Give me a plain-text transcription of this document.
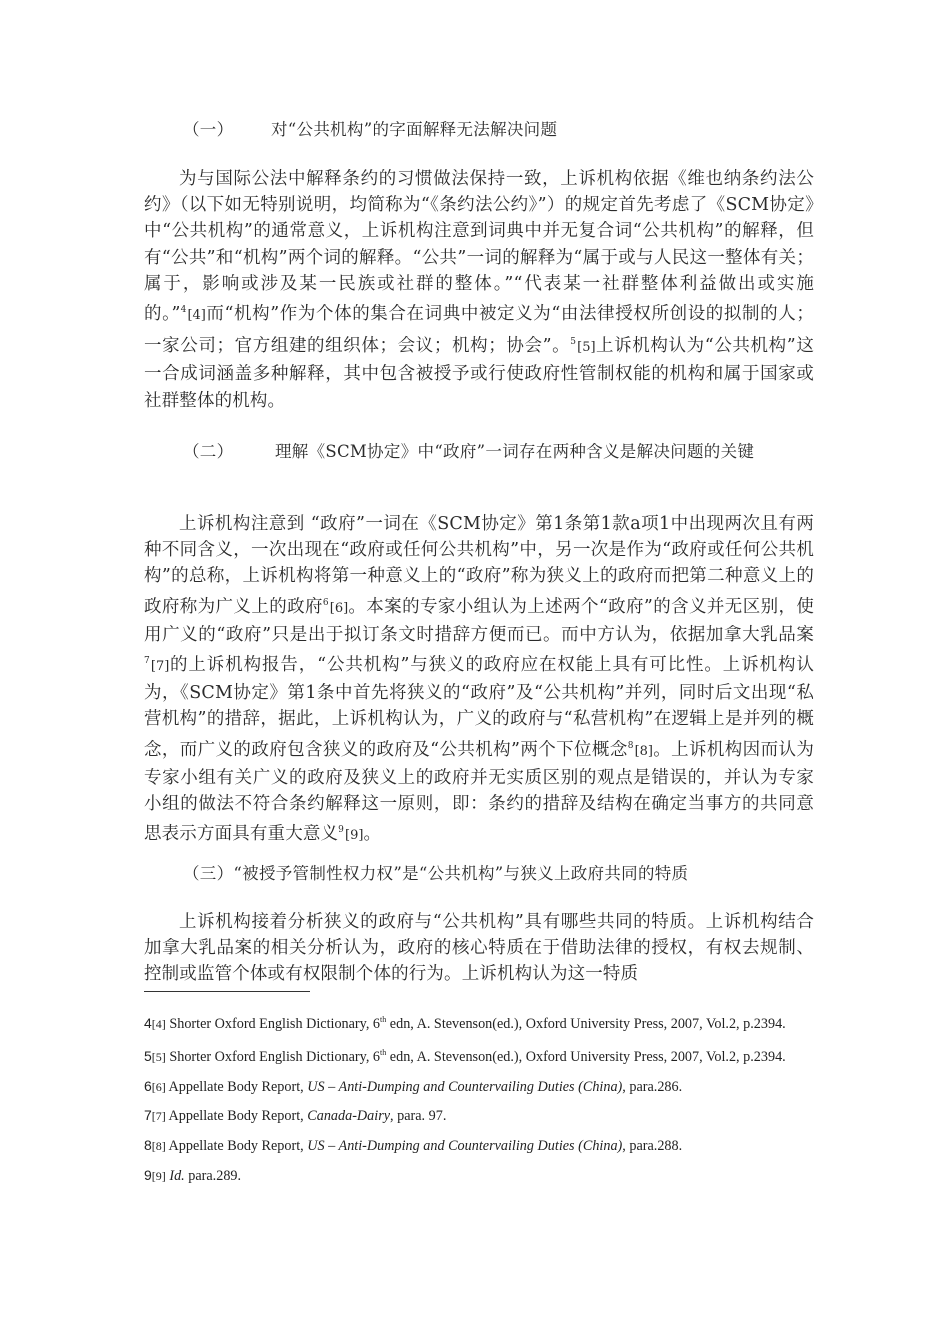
（一） 对“公共机构”的字面解释无法解决问题
为与国际公法中解释条约的习惯做法保持一致，上诉机构依据《维也纳条约法公约》（以下如无特别说明，均简称为“《条约法公约》”）的规定首先考虑了《SCM协定》中“公共机构”的通常意义，上诉机构注意到词典中并无复合词“公共机构”的解释，但有“公共”和“机构”两个词的解释。“公共”一词的解释为“属于或与人民这一整体有关；属于，影响或涉及某一民族或社群的整体。”“代表某一社群整体利益做出或实施的。”$^4$[4]而“机构”作为个体的集合在词典中被定义为“由法律授权所创设的拟制的人；一家公司；官方组建的组织体；会议；机构；协会”。$^5$[5]上诉机构认为“公共机构”这一合成词涵盖多种解释，其中包含被授予或行使政府性管制权能的机构和属于国家或社群整体的机构。
（二）	理解《SCM协定》中“政府”一词存在两种含义是解决问题的关键
上诉机构注意到 “政府”一词在《SCM协定》第1条第1款a项1中出现两次且有两种不同含义，一次出现在“政府或任何公共机构”中，另一次是作为“政府或任何公共机构”的总称，上诉机构将第一种意义上的“政府”称为狭义上的政府而把第二种意义上的政府称为广义上的政府$^6$[6]。本案的专家小组认为上述两个“政府”的含义并无区别，使用广义的“政府”只是出于拟订条文时措辞方便而已。而中方认为，依据加拿大乳品案$^7$[7]的上诉机构报告，“公共机构”与狭义的政府应在权能上具有可比性。上诉机构认为，《SCM协定》第1条中首先将狭义的“政府”及“公共机构”并列，同时后文出现“私营机构”的措辞，据此，上诉机构认为，广义的政府与“私营机构”在逻辑上是并列的概念，而广义的政府包含狭义的政府及“公共机构”两个下位概念$^8$[8]。上诉机构因而认为专家小组有关广义的政府及狭义上的政府并无实质区别的观点是错误的，并认为专家小组的做法不符合条约解释这一原则，即：条约的措辞及结构在确定当事方的共同意思表示方面具有重大意义$^9$[9]。
（三）“被授予管制性权力权”是“公共机构”与狭义上政府共同的特质
上诉机构接着分析狭义的政府与“公共机构”具有哪些共同的特质。上诉机构结合加拿大乳品案的相关分析认为，政府的核心特质在于借助法律的授权，有权去规制、控制或监管个体或有权限制个体的行为。上诉机构认为这一特质
4[4] Shorter Oxford English Dictionary, 6th edn, A. Stevenson(ed.), Oxford University Press, 2007, Vol.2, p.2394.
5[5] Shorter Oxford English Dictionary, 6th edn, A. Stevenson(ed.), Oxford University Press, 2007, Vol.2, p.2394.
6[6] Appellate Body Report, US – Anti-Dumping and Countervailing Duties (China), para.286.
7[7] Appellate Body Report, Canada-Dairy, para. 97.
8[8] Appellate Body Report, US – Anti-Dumping and Countervailing Duties (China), para.288.
9[9] Id. para.289.
